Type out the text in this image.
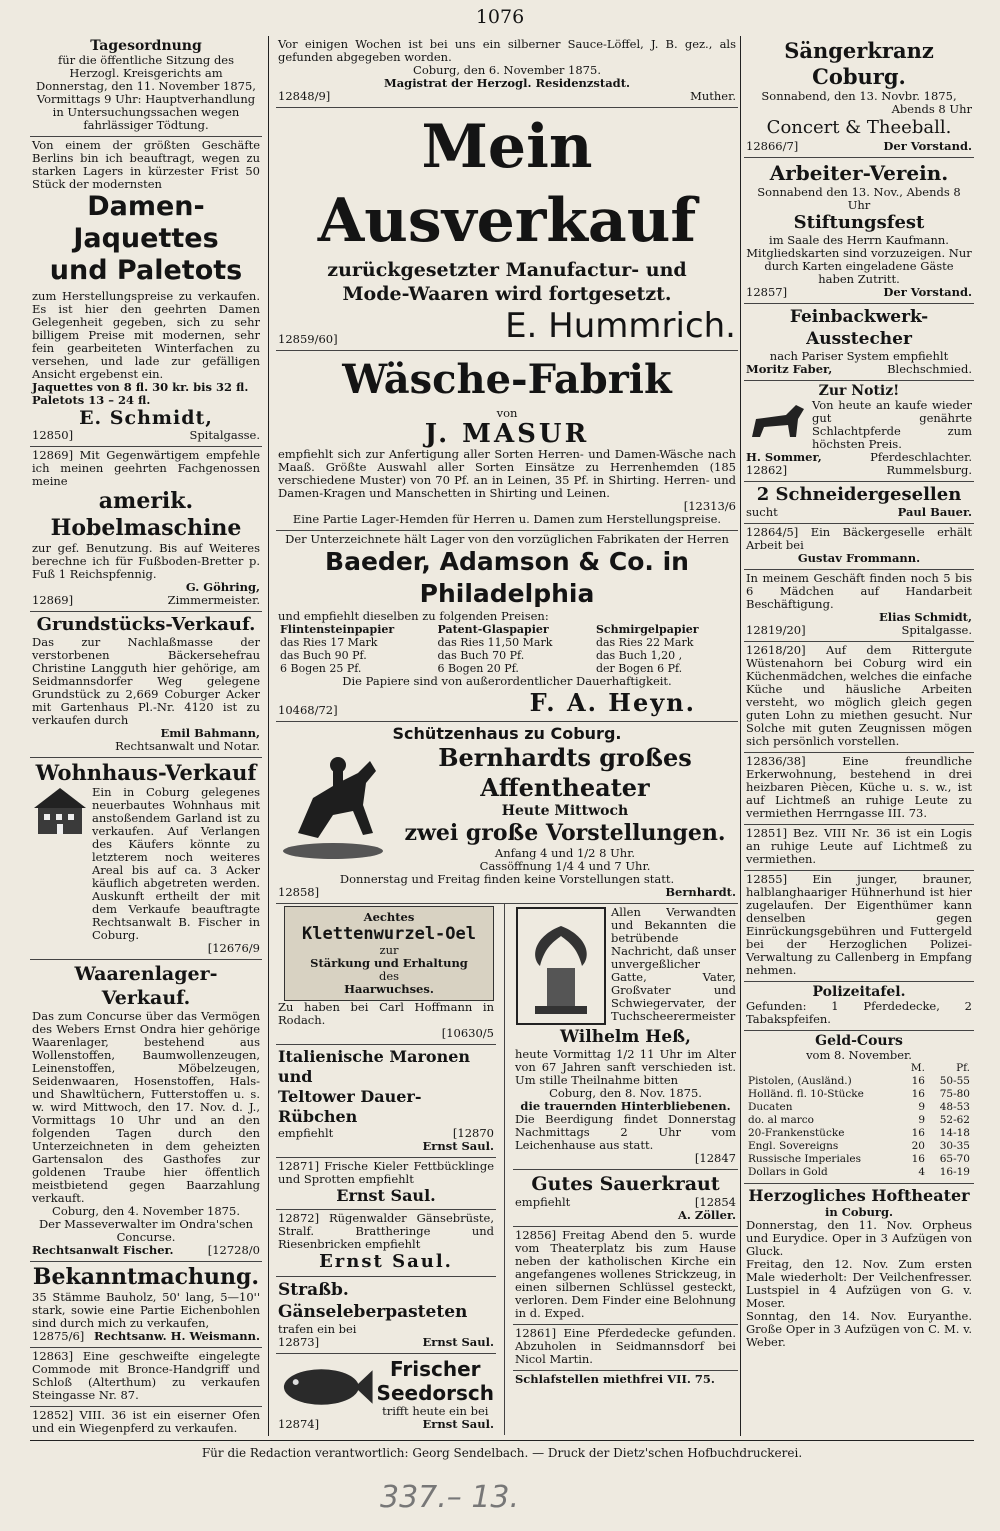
1076
Tagesordnung
für die öffentliche Sitzung des Herzogl. Kreisgerichts am Donnerstag, den 11. November 1875, Vormittags 9 Uhr: Hauptverhandlung in Untersuchungssachen wegen fahrlässiger Tödtung.
Von einem der größten Geschäfte Berlins bin ich beauftragt, wegen zu starken Lagers in kürzester Frist 50 Stück der modernsten
Damen-Jaquettes
und Paletots
zum Herstellungspreise zu verkaufen. Es ist hier den geehrten Damen Gelegenheit gegeben, sich zu sehr billigem Preise mit modernen, sehr fein gearbeiteten Winterfachen zu versehen, und lade zur gefälligen Ansicht ergebenst ein.
Jaquettes von 8 fl. 30 kr. bis 32 fl.
Paletots 13 – 24 fl.
E. Schmidt,
12850]	Spitalgasse.
12869] Mit Gegenwärtigem empfehle ich meinen geehrten Fachgenossen meine
amerik. Hobelmaschine
zur gef. Benutzung. Bis auf Weiteres berechne ich für Fußboden-Bretter p. Fuß 1 Reichspfennig.
G. Göhring,
12869]	Zimmermeister.
Grundstücks-Verkauf.
Das zur Nachlaßmasse der verstorbenen Bäckersehefrau Christine Langguth hier gehörige, am Seidmannsdorfer Weg gelegene Grundstück zu 2,669 Coburger Acker mit Gartenhaus Pl.-Nr. 4120 ist zu verkaufen durch
Emil Bahmann,
Rechtsanwalt und Notar.
Wohnhaus-Verkauf
Ein in Coburg gelegenes neuerbautes Wohnhaus mit anstoßendem Garland ist zu verkaufen. Auf Verlangen des Käufers könnte zu letzterem noch weiteres Areal bis auf ca. 3 Acker käuflich abgetreten werden. Auskunft ertheilt der mit dem Verkaufe beauftragte Rechtsanwalt B. Fischer in Coburg.
[12676/9
Waarenlager-Verkauf.
Das zum Concurse über das Vermögen des Webers Ernst Ondra hier gehörige Waarenlager, bestehend aus Wollenstoffen, Baumwollenzeugen, Leinenstoffen, Möbelzeugen, Seidenwaaren, Hosenstoffen, Hals- und Shawltüchern, Futterstoffen u. s. w. wird Mittwoch, den 17. Nov. d. J., Vormittags 10 Uhr und an den folgenden Tagen durch den Unterzeichneten in dem geheizten Gartensalon des Gasthofes zur goldenen Traube hier öffentlich meistbietend gegen Baarzahlung verkauft.
Coburg, den 4. November 1875.
Der Masseverwalter im Ondra'schen Concurse.
Rechtsanwalt Fischer.	[12728/0
Bekanntmachung.
35 Stämme Bauholz, 50' lang, 5—10'' stark, sowie eine Partie Eichenbohlen sind durch mich zu verkaufen,
12875/6] Rechtsanw. H. Weismann.
12863] Eine geschweifte eingelegte Commode mit Bronce-Handgriff und Schloß (Alterthum) zu verkaufen Steingasse Nr. 87.
12852] VIII. 36 ist ein eiserner Ofen und ein Wiegenpferd zu verkaufen.
Vor einigen Wochen ist bei uns ein silberner Sauce-Löffel, J. B. gez., als gefunden abgegeben worden.
Coburg, den 6. November 1875.
Magistrat der Herzogl. Residenzstadt.
12848/9]	Muther.
Mein Ausverkauf
zurückgesetzter Manufactur- und
Mode-Waaren wird fortgesetzt.
12859/60]	E. Hummrich.
Wäsche-Fabrik
von
J. MASUR
empfiehlt sich zur Anfertigung aller Sorten Herren- und Damen-Wäsche nach Maaß. Größte Auswahl aller Sorten Einsätze zu Herrenhemden (185 verschiedene Muster) von 70 Pf. an in Leinen, 35 Pf. in Shirting. Herren- und Damen-Kragen und Manschetten in Shirting und Leinen.
[12313/6
Eine Partie Lager-Hemden für Herren u. Damen zum Herstellungspreise.
Der Unterzeichnete hält Lager von den vorzüglichen Fabrikaten der Herren
Baeder, Adamson & Co. in Philadelphia
und empfiehlt dieselben zu folgenden Preisen:
Flintensteinpapier	Patent-Glaspapier	Schmirgelpapier
das Ries 17 Mark	das Ries 11,50 Mark	das Ries 22 Mark
das Buch 90 Pf.	das Buch 70 Pf.	das Buch 1,20 ,
6 Bogen 25 Pf.	6 Bogen 20 Pf.	der Bogen 6 Pf.
Die Papiere sind von außerordentlicher Dauerhaftigkeit.
10468/72]	F. A. Heyn.
Schützenhaus zu Coburg.
Bernhardts großes Affentheater
Heute Mittwoch
zwei große Vorstellungen.
Anfang 4 und 1/2 8 Uhr.
Cassöffnung 1/4 4 und 7 Uhr.
Donnerstag und Freitag finden keine Vorstellungen statt.
12858]	Bernhardt.
Aechtes
Klettenwurzel-Oel
zur
Stärkung und Erhaltung
des
Haarwuchses.
Zu haben bei Carl Hoffmann in Rodach.
[10630/5
Italienische Maronen und
Teltower Dauer-Rübchen
empfiehlt	[12870
Ernst Saul.
12871] Frische Kieler Fettbücklinge und Sprotten empfiehlt
Ernst Saul.
12872] Rügenwalder Gänsebrüste, Stralf. Brattheringe und Riesenbricken empfiehlt
Ernst Saul.
Straßb. Gänseleberpasteten
trafen ein bei
12873]	Ernst Saul.
Frischer
Seedorsch
trifft heute ein bei
12874]	Ernst Saul.
Allen Verwandten und Bekannten die betrübende Nachricht, daß unser unvergeßlicher Gatte, Vater, Großvater und Schwiegervater, der Tuchscheerermeister
Wilhelm Heß,
heute Vormittag 1/2 11 Uhr im Alter von 67 Jahren sanft verschieden ist. Um stille Theilnahme bitten
Coburg, den 8. Nov. 1875.
die trauernden Hinterbliebenen.
Die Beerdigung findet Donnerstag Nachmittags 2 Uhr vom Leichenhause aus statt.
[12847
Gutes Sauerkraut
empfiehlt	[12854
A. Zöller.
12856] Freitag Abend den 5. wurde vom Theaterplatz bis zum Hause neben der katholischen Kirche ein angefangenes wollenes Strickzeug, in einen silbernen Schlüssel gesteckt, verloren. Dem Finder eine Belohnung in d. Exped.
12861] Eine Pferdedecke gefunden. Abzuholen in Seidmannsdorf bei Nicol Martin.
Schlafstellen miethfrei VII. 75.
Sängerkranz Coburg.
Sonnabend, den 13. Novbr. 1875,
Abends 8 Uhr
Concert & Theeball.
12866/7]	Der Vorstand.
Arbeiter-Verein.
Sonnabend den 13. Nov., Abends 8 Uhr
Stiftungsfest
im Saale des Herrn Kaufmann. Mitgliedskarten sind vorzuzeigen. Nur durch Karten eingeladene Gäste haben Zutritt.
12857]	Der Vorstand.
Feinbackwerk-Ausstecher
nach Pariser System empfiehlt
Moritz Faber,	Blechschmied.
Zur Notiz!
Von heute an kaufe wieder gut genährte Schlachtpferde zum höchsten Preis.
H. Sommer,	Pferdeschlachter.
12862]	Rummelsburg.
2 Schneidergesellen
sucht	Paul Bauer.
12864/5] Ein Bäckergeselle erhält Arbeit bei
Gustav Frommann.
In meinem Geschäft finden noch 5 bis 6 Mädchen auf Handarbeit Beschäftigung.
Elias Schmidt,
12819/20]	Spitalgasse.
12618/20] Auf dem Rittergute Wüstenahorn bei Coburg wird ein Küchenmädchen, welches die einfache Küche und häusliche Arbeiten versteht, wo möglich gleich gegen guten Lohn zu miethen gesucht. Nur Solche mit guten Zeugnissen mögen sich persönlich vorstellen.
12836/38] Eine freundliche Erkerwohnung, bestehend in drei heizbaren Piècen, Küche u. s. w., ist auf Lichtmeß an ruhige Leute zu vermiethen Herrngasse III. 73.
12851] Bez. VIII Nr. 36 ist ein Logis an ruhige Leute auf Lichtmeß zu vermiethen.
12855] Ein junger, brauner, halblanghaariger Hühnerhund ist hier zugelaufen. Der Eigenthümer kann denselben gegen Einrückungsgebühren und Futtergeld bei der Herzoglichen Polizei-Verwaltung zu Callenberg in Empfang nehmen.
Polizeitafel.
Gefunden: 1 Pferdedecke, 2 Tabakspfeifen.
Geld-Cours
vom 8. November.
	M.	Pf.
Pistolen, (Ausländ.)	16	50-55
Holländ. fl. 10-Stücke	16	75-80
Ducaten	9	48-53
do. al marco	9	52-62
20-Frankenstücke	16	14-18
Engl. Sovereigns	20	30-35
Russische Imperiales	16	65-70
Dollars in Gold	4	16-19
Herzogliches Hoftheater
in Coburg.
Donnerstag, den 11. Nov. Orpheus und Eurydice. Oper in 3 Aufzügen von Gluck.
Freitag, den 12. Nov. Zum ersten Male wiederholt: Der Veilchenfresser. Lustspiel in 4 Aufzügen von G. v. Moser.
Sonntag, den 14. Nov. Euryanthe. Große Oper in 3 Aufzügen von C. M. v. Weber.
Für die Redaction verantwortlich: Georg Sendelbach. — Druck der Dietz'schen Hofbuchdruckerei.
337.– 13.
